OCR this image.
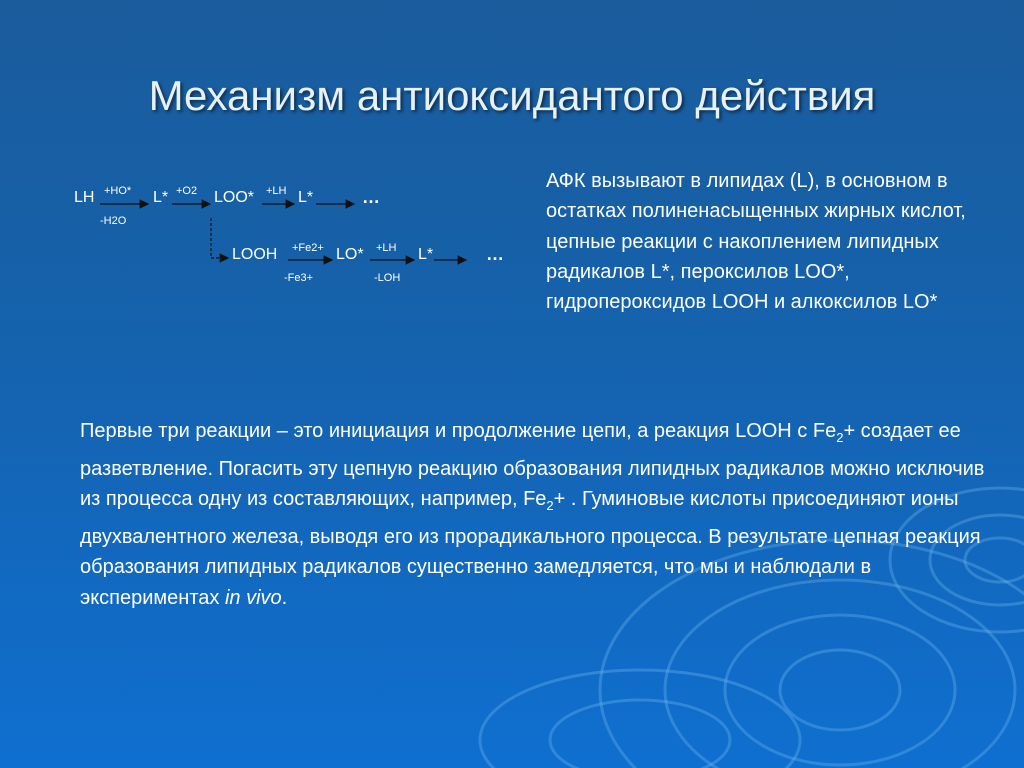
Механизм антиоксидантого действия
LH +HO*
-H2O
L* +O2 LOO* +LH L*	…
LOOH +Fe2+
-Fe3+
LO* +LH
-LOH
L*	…
АФК вызывают в липидах (L), в основном в остатках полиненасыщенных жирных кислот, цепные реакции с накоплением липидных радикалов L*, пероксилов LOO*, гидропероксидов LOOH и алкоксилов LO*
Первые три реакции – это инициация и продолжение цепи, а реакция LOOH с $Fe_2+$ создает ее разветвление. Погасить эту цепную реакцию образования липидных радикалов можно исключив из процесса одну из составляющих, например, $Fe_2+$ . Гуминовые кислоты присоединяют ионы двухвалентного железа, выводя его из прорадикального процесса. В результате цепная реакция образования липидных радикалов существенно замедляется, что мы и наблюдали в экспериментах in vivo.
